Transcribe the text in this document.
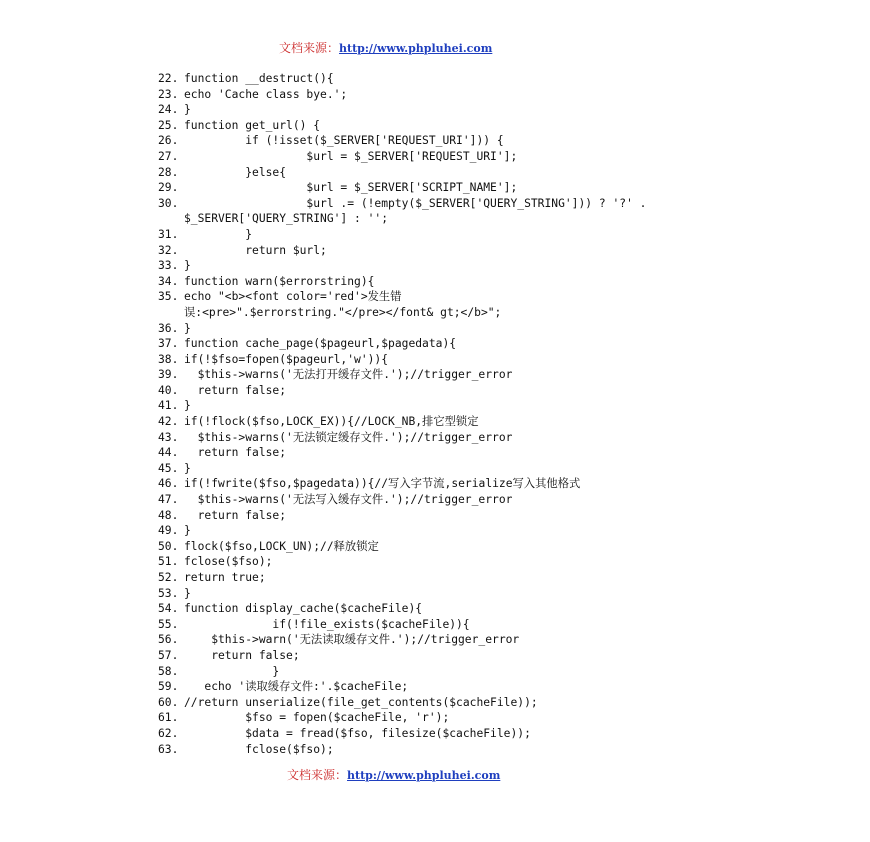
文档来源：http://www.phpluhei.com
22. function __destruct(){
23. echo 'Cache class bye.';
24. }
25. function get_url() {
26. if (!isset($_SERVER['REQUEST_URI'])) {
27. $url = $_SERVER['REQUEST_URI'];
28. }else{
29. $url = $_SERVER['SCRIPT_NAME'];
30. $url .= (!empty($_SERVER['QUERY_STRING'])) ? '?' .
$_SERVER['QUERY_STRING'] : '';
31. }
32. return $url;
33. }
34. function warn($errorstring){
35. echo "<b><font color='red'>发生错
误:<pre>".$errorstring."</pre></font& gt;</b>";
36. }
37. function cache_page($pageurl,$pagedata){
38. if(!$fso=fopen($pageurl,'w')){
39. $this->warns('无法打开缓存文件.');//trigger_error
40. return false;
41. }
42. if(!flock($fso,LOCK_EX)){//LOCK_NB,排它型锁定
43. $this->warns('无法锁定缓存文件.');//trigger_error
44. return false;
45. }
46. if(!fwrite($fso,$pagedata)){//写入字节流,serialize写入其他格式
47. $this->warns('无法写入缓存文件.');//trigger_error
48. return false;
49. }
50. flock($fso,LOCK_UN);//释放锁定
51. fclose($fso);
52. return true;
53. }
54. function display_cache($cacheFile){
55. if(!file_exists($cacheFile)){
56. $this->warn('无法读取缓存文件.');//trigger_error
57. return false;
58. }
59. echo '读取缓存文件:'.$cacheFile;
60. //return unserialize(file_get_contents($cacheFile));
61. $fso = fopen($cacheFile, 'r');
62. $data = fread($fso, filesize($cacheFile));
63. fclose($fso);
文档来源：http://www.phpluhei.com
